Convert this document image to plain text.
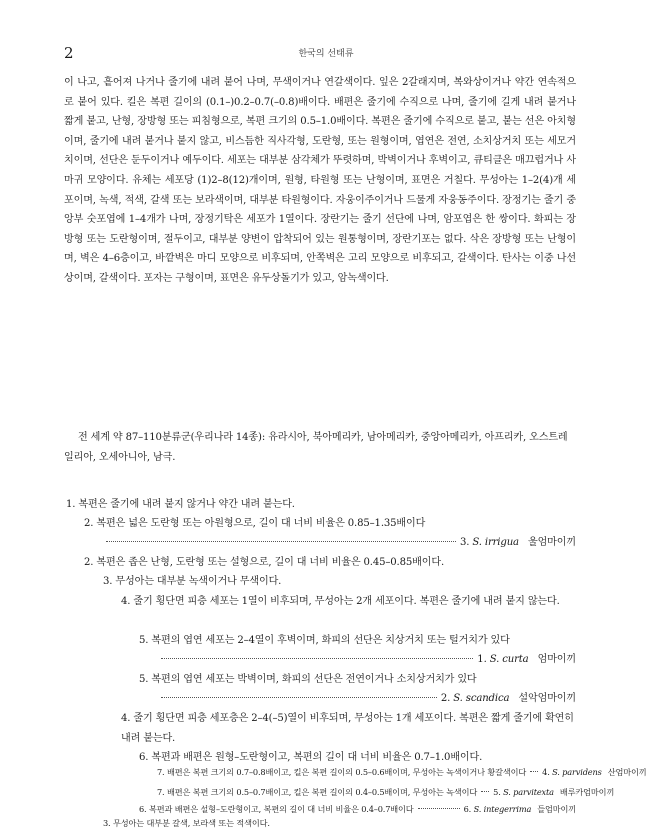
2	한국의 선태류
이 나고, 흩어져 나거나 줄기에 내려 붙어 나며, 무색이거나 연갈색이다. 잎은 2갈래지며, 복와상이거나 약간 연속적으로 붙어 있다. 킬은 복편 길이의 (0.1–)0.2–0.7(–0.8)배이다. 배편은 줄기에 수직으로 나며, 줄기에 길게 내려 붙거나 짧게 붙고, 난형, 장방형 또는 피침형으로, 복편 크기의 0.5–1.0배이다. 복편은 줄기에 수직으로 붙고, 붙는 선은 아치형이며, 줄기에 내려 붙거나 붙지 않고, 비스듬한 직사각형, 도란형, 또는 원형이며, 엽연은 전연, 소치상거치 또는 세모거치이며, 선단은 둔두이거나 예두이다. 세포는 대부분 삼각체가 뚜렷하며, 박벽이거나 후벽이고, 큐티클은 매끄럽거나 사마귀 모양이다. 유체는 세포당 (1)2–8(12)개이며, 원형, 타원형 또는 난형이며, 표면은 거칠다. 무성아는 1–2(4)개 세포이며, 녹색, 적색, 갈색 또는 보라색이며, 대부분 타원형이다. 자웅이주이거나 드물게 자웅동주이다. 장정기는 줄기 중앙부 숫포엽에 1–4개가 나며, 장정기탁은 세포가 1열이다. 장란기는 줄기 선단에 나며, 암포엽은 한 쌍이다. 화피는 장방형 또는 도란형이며, 절두이고, 대부분 양변이 압착되어 있는 원통형이며, 장란기포는 없다. 삭은 장방형 또는 난형이며, 벽은 4–6층이고, 바깥벽은 마디 모양으로 비후되며, 안쪽벽은 고리 모양으로 비후되고, 갈색이다. 탄사는 이중 나선상이며, 갈색이다. 포자는 구형이며, 표면은 유두상돌기가 있고, 암녹색이다.
전 세계 약 87–110분류군(우리나라 14종): 유라시아, 북아메리카, 남아메리카, 중앙아메리카, 아프리카, 오스트레일리아, 오세아니아, 남극.
1. 복편은 줄기에 내려 붙지 않거나 약간 내려 붙는다.
2. 복편은 넓은 도란형 또는 아원형으로, 길이 대 너비 비율은 0.85–1.35배이다
3. S. irrigua 울엄마이끼
2. 복편은 좁은 난형, 도란형 또는 설형으로, 길이 대 너비 비율은 0.45–0.85배이다.
3. 무성아는 대부분 녹색이거나 무색이다.
4. 줄기 횡단면 피층 세포는 1열이 비후되며, 무성아는 2개 세포이다. 복편은 줄기에 내려 붙지 않는다.
5. 복편의 엽연 세포는 2–4열이 후벽이며, 화피의 선단은 치상거치 또는 털거치가 있다
1. S. curta 엄마이끼
5. 복편의 엽연 세포는 박벽이며, 화피의 선단은 전연이거나 소치상거치가 있다
2. S. scandica 설악엄마이끼
4. 줄기 횡단면 피층 세포층은 2–4(–5)열이 비후되며, 무성아는 1개 세포이다. 복편은 짧게 줄기에 확연히 내려 붙는다.
6. 복편과 배편은 원형–도란형이고, 복편의 길이 대 너비 비율은 0.7–1.0배이다.
7. 배편은 복편 크기의 0.7–0.8배이고, 킬은 복편 길이의 0.5–0.6배이며, 무성아는 녹색이거나 황갈색이다 4. S. parvidens 산엄마이끼
7. 배편은 복편 크기의 0.5–0.7배이고, 킬은 복편 길이의 0.4–0.5배이며, 무성아는 녹색이다 5. S. parvitexta 배루카엄마이끼
6. 복편과 배편은 설형–도란형이고, 복편의 길이 대 너비 비율은 0.4–0.7배이다	6. S. integerrima 들엄마이끼
3. 무성아는 대부분 갈색, 보라색 또는 적색이다.
